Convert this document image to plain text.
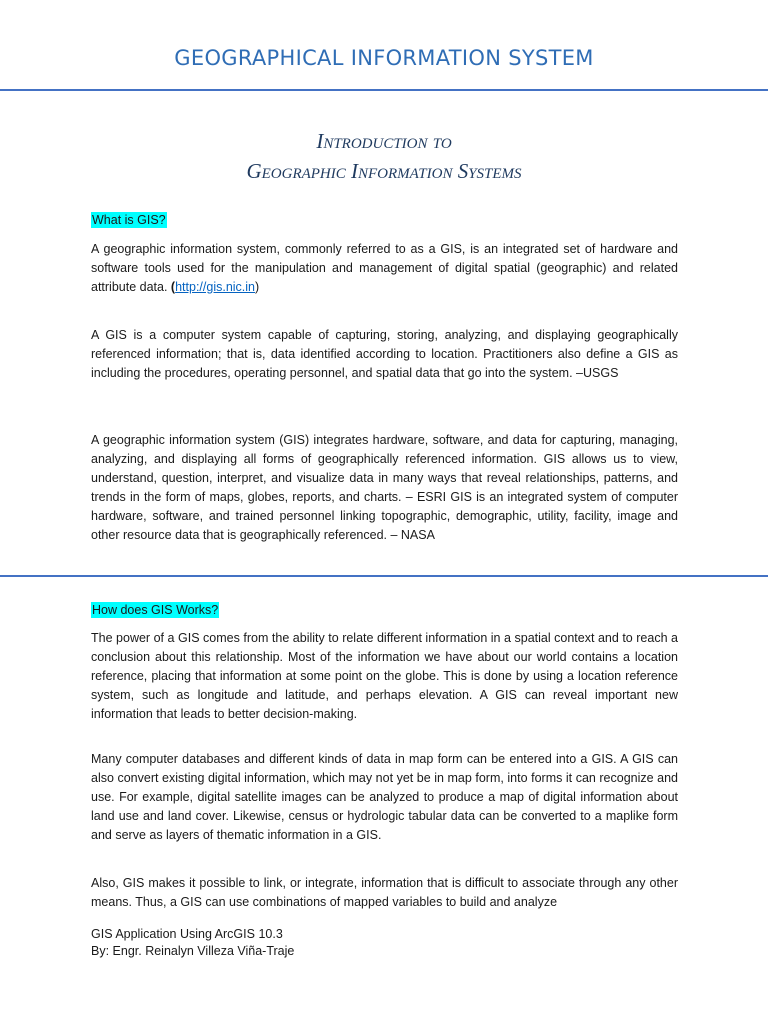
GEOGRAPHICAL INFORMATION SYSTEM
Introduction to
Geographic Information Systems
What is GIS?

A geographic information system, commonly referred to as a GIS, is an integrated set of hardware and software tools used for the manipulation and management of digital spatial (geographic) and related attribute data. (http://gis.nic.in)

A GIS is a computer system capable of capturing, storing, analyzing, and displaying geographically referenced information; that is, data identified according to location. Practitioners also define a GIS as including the procedures, operating personnel, and spatial data that go into the system. –USGS

A geographic information system (GIS) integrates hardware, software, and data for capturing, managing, analyzing, and displaying all forms of geographically referenced information. GIS allows us to view, understand, question, interpret, and visualize data in many ways that reveal relationships, patterns, and trends in the form of maps, globes, reports, and charts. – ESRI GIS is an integrated system of computer hardware, software, and trained personnel linking topographic, demographic, utility, facility, image and other resource data that is geographically referenced. – NASA

How does GIS Works?

The power of a GIS comes from the ability to relate different information in a spatial context and to reach a conclusion about this relationship. Most of the information we have about our world contains a location reference, placing that information at some point on the globe. This is done by using a location reference system, such as longitude and latitude, and perhaps elevation. A GIS can reveal important new information that leads to better decision-making.

Many computer databases and different kinds of data in map form can be entered into a GIS. A GIS can also convert existing digital information, which may not yet be in map form, into forms it can recognize and use. For example, digital satellite images can be analyzed to produce a map of digital information about land use and land cover. Likewise, census or hydrologic tabular data can be converted to a maplike form and serve as layers of thematic information in a GIS.

Also, GIS makes it possible to link, or integrate, information that is difficult to associate through any other means. Thus, a GIS can use combinations of mapped variables to build and analyze

GIS Application Using ArcGIS 10.3
By: Engr. Reinalyn Villeza Viña-Traje
